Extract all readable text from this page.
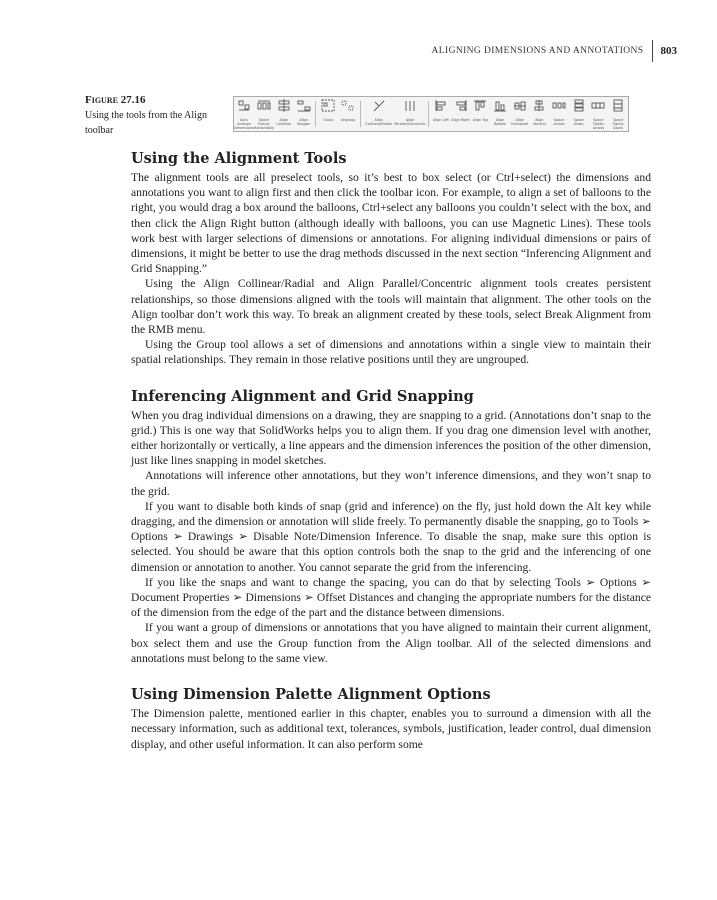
ALIGNING DIMENSIONS AND ANNOTATIONS 803
Figure 27.16
Using the tools from the Align toolbar
Auto Arrange Dimensions
Space Evenly Horizontally
Align Collinear
Align Stagger
Group Ungroup	Align Collinear/Radial
Align Parallel/Concentric
Align Left Align Right Align Top	Align Bottom
Align Horizontal
Align Vertical
Space Across
Space Down
Space Tightly Across
Space Tightly Down
Using the Alignment Tools

The alignment tools are all preselect tools, so it’s best to box select (or Ctrl+select) the dimensions and annotations you want to align first and then click the toolbar icon. For example, to align a set of balloons to the right, you would drag a box around the balloons, Ctrl+select any balloons you couldn’t select with the box, and then click the Align Right button (although ideally with balloons, you can use Magnetic Lines). These tools work best with larger selections of dimensions or annotations. For aligning individual dimensions or pairs of dimensions, it might be better to use the drag methods discussed in the next section “Inferencing Alignment and Grid Snapping.”

Using the Align Collinear/Radial and Align Parallel/Concentric alignment tools creates persistent relationships, so those dimensions aligned with the tools will maintain that alignment. The other tools on the Align toolbar don’t work this way. To break an alignment created by these tools, select Break Alignment from the RMB menu.

Using the Group tool allows a set of dimensions and annotations within a single view to maintain their spatial relationships. They remain in those relative positions until they are ungrouped.

Inferencing Alignment and Grid Snapping

When you drag individual dimensions on a drawing, they are snapping to a grid. (Annotations don’t snap to the grid.) This is one way that SolidWorks helps you to align them. If you drag one dimension level with another, either horizontally or vertically, a line appears and the dimension inferences the position of the other dimension, just like lines snapping in model sketches.

Annotations will inference other annotations, but they won’t inference dimensions, and they won’t snap to the grid.

If you want to disable both kinds of snap (grid and inference) on the fly, just hold down the Alt key while dragging, and the dimension or annotation will slide freely. To permanently disable the snapping, go to Tools ➢ Options ➢ Drawings ➢ Disable Note/Dimension Inference. To disable the snap, make sure this option is selected. You should be aware that this option controls both the snap to the grid and the inferencing of one dimension or annotation to another. You cannot separate the grid from the inferencing.

If you like the snaps and want to change the spacing, you can do that by selecting Tools ➢ Options ➢ Document Properties ➢ Dimensions ➢ Offset Distances and changing the appropriate numbers for the distance of the dimension from the edge of the part and the distance between dimensions.

If you want a group of dimensions or annotations that you have aligned to maintain their current alignment, box select them and use the Group function from the Align toolbar. All of the selected dimensions and annotations must belong to the same view.

Using Dimension Palette Alignment Options

The Dimension palette, mentioned earlier in this chapter, enables you to surround a dimension with all the necessary information, such as additional text, tolerances, symbols, justification, leader control, dual dimension display, and other useful information. It can also perform some
